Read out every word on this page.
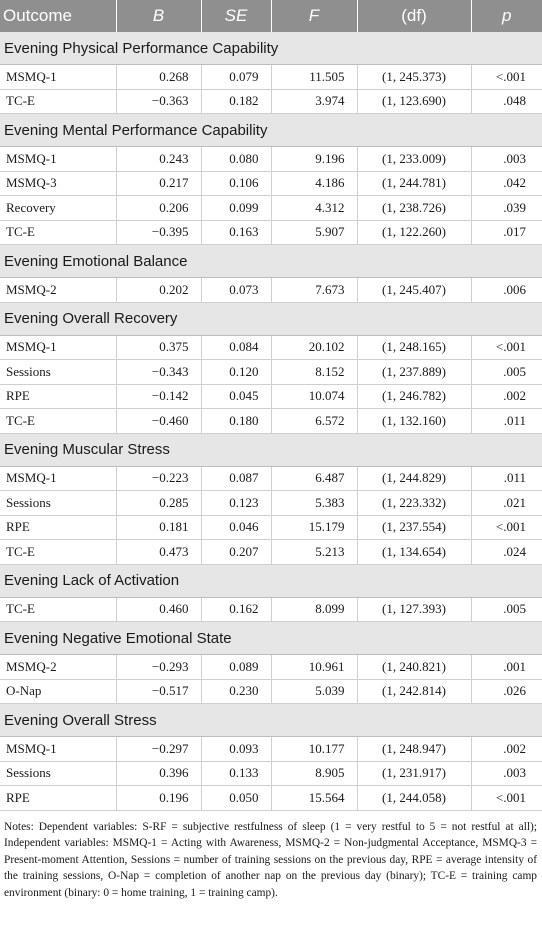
Outcome	B	SE	F	(df)	p
Evening Physical Performance Capability					
MSMQ-1	0.268	0.079	11.505	(1, 245.373)	<.001
TC-E	−0.363	0.182	3.974	(1, 123.690)	.048
Evening Mental Performance Capability					
MSMQ-1	0.243	0.080	9.196	(1, 233.009)	.003
MSMQ-3	0.217	0.106	4.186	(1, 244.781)	.042
Recovery	0.206	0.099	4.312	(1, 238.726)	.039
TC-E	−0.395	0.163	5.907	(1, 122.260)	.017
Evening Emotional Balance					
MSMQ-2	0.202	0.073	7.673	(1, 245.407)	.006
Evening Overall Recovery					
MSMQ-1	0.375	0.084	20.102	(1, 248.165)	<.001
Sessions	−0.343	0.120	8.152	(1, 237.889)	.005
RPE	−0.142	0.045	10.074	(1, 246.782)	.002
TC-E	−0.460	0.180	6.572	(1, 132.160)	.011
Evening Muscular Stress					
MSMQ-1	−0.223	0.087	6.487	(1, 244.829)	.011
Sessions	0.285	0.123	5.383	(1, 223.332)	.021
RPE	0.181	0.046	15.179	(1, 237.554)	<.001
TC-E	0.473	0.207	5.213	(1, 134.654)	.024
Evening Lack of Activation					
TC-E	0.460	0.162	8.099	(1, 127.393)	.005
Evening Negative Emotional State					
MSMQ-2	−0.293	0.089	10.961	(1, 240.821)	.001
O-Nap	−0.517	0.230	5.039	(1, 242.814)	.026
Evening Overall Stress					
MSMQ-1	−0.297	0.093	10.177	(1, 248.947)	.002
Sessions	0.396	0.133	8.905	(1, 231.917)	.003
RPE	0.196	0.050	15.564	(1, 244.058)	<.001
Notes: Dependent variables: S-RF = subjective restfulness of sleep (1 = very restful to 5 = not restful at all); Independent variables: MSMQ-1 = Acting with Awareness, MSMQ-2 = Non-judgmental Acceptance, MSMQ-3 = Present-moment Attention, Sessions = number of training sessions on the previous day, RPE = average intensity of the training sessions, O-Nap = completion of another nap on the previous day (binary); TC-E = training camp environment (binary: 0 = home training, 1 = training camp).
